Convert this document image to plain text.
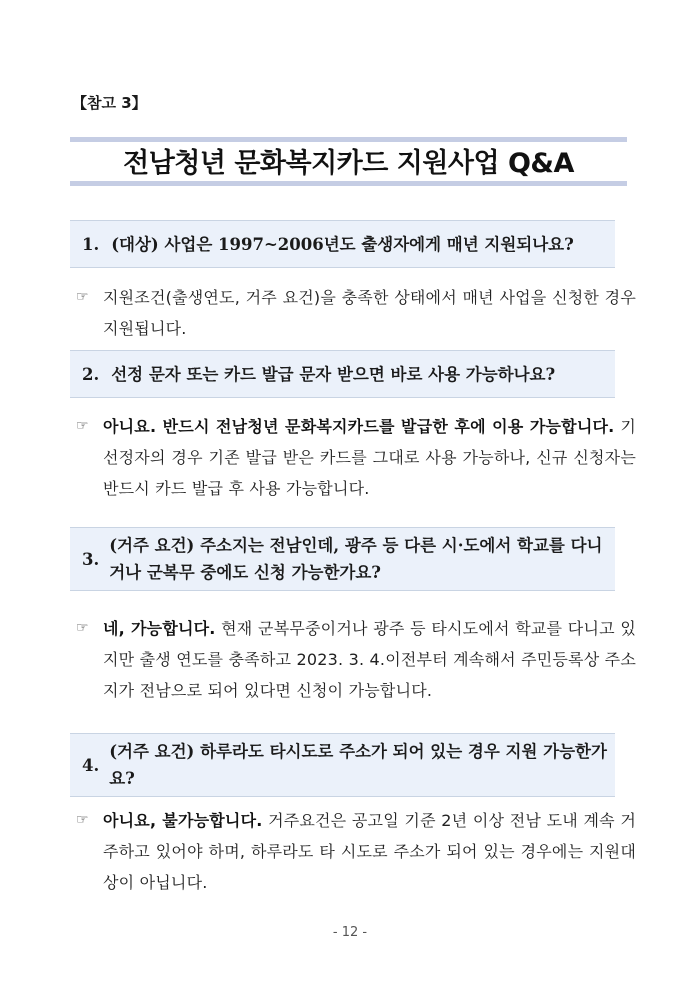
【참고 3】
전남청년 문화복지카드 지원사업 Q&A
1. (대상) 사업은 1997~2006년도 출생자에게 매년 지원되나요?
☞ 지원조건(출생연도, 거주 요건)을 충족한 상태에서 매년 사업을 신청한 경우 지원됩니다.
2. 선정 문자 또는 카드 발급 문자 받으면 바로 사용 가능하나요?
☞ 아니요. 반드시 전남청년 문화복지카드를 발급한 후에 이용 가능합니다. 기 선정자의 경우 기존 발급 받은 카드를 그대로 사용 가능하나, 신규 신청자는 반드시 카드 발급 후 사용 가능합니다.
3.
(거주 요건) 주소지는 전남인데, 광주 등 다른 시·도에서 학교를 다니거나 군복무 중에도 신청 가능한가요?
☞ 네, 가능합니다. 현재 군복무중이거나 광주 등 타시도에서 학교를 다니고 있지만 출생 연도를 충족하고 2023. 3. 4.이전부터 계속해서 주민등록상 주소지가 전남으로 되어 있다면 신청이 가능합니다.
4.
(거주 요건) 하루라도 타시도로 주소가 되어 있는 경우 지원 가능한가요?
☞ 아니요, 불가능합니다. 거주요건은 공고일 기준 2년 이상 전남 도내 계속 거주하고 있어야 하며, 하루라도 타 시도로 주소가 되어 있는 경우에는 지원대상이 아닙니다.
- 12 -
